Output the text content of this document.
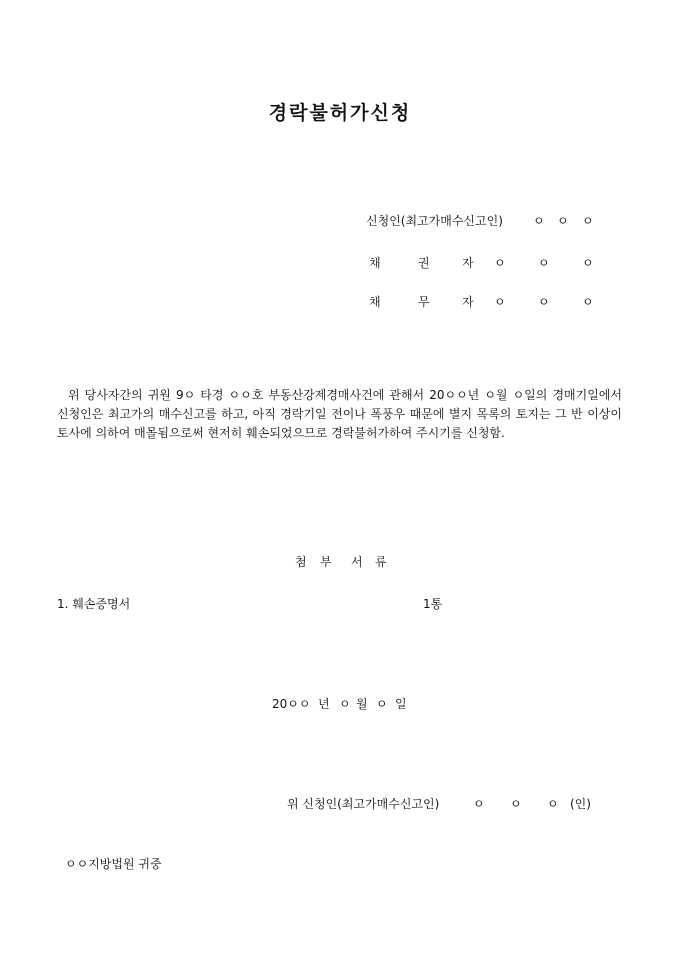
경락불허가신청
신청인(최고가매수신고인)	ㅇ ㅇ ㅇ
채	권	자 ㅇ	ㅇ	ㅇ
채	무	자 ㅇ	ㅇ	ㅇ
위 당사자간의 귀원 9ㅇ 타경 ㅇㅇ호 부동산강제경매사건에 관해서 20ㅇㅇ년 ㅇ월 ㅇ일의 경매기일에서 신청인은 최고가의 매수신고를 하고, 아직 경락기일 전이나 폭풍우 때문에 별지 목록의 토지는 그 반 이상이 토사에 의하여 매몰됨으로써 현저히 훼손되었으므로 경락불허가하여 주시기를 신청함.
첨 부 서 류
1. 훼손증명서	1통
20ㅇㅇ 년 ㅇ 월 ㅇ 일
위 신청인(최고가매수신고인)	ㅇ ㅇ ㅇ (인)
ㅇㅇ지방법원 귀중
